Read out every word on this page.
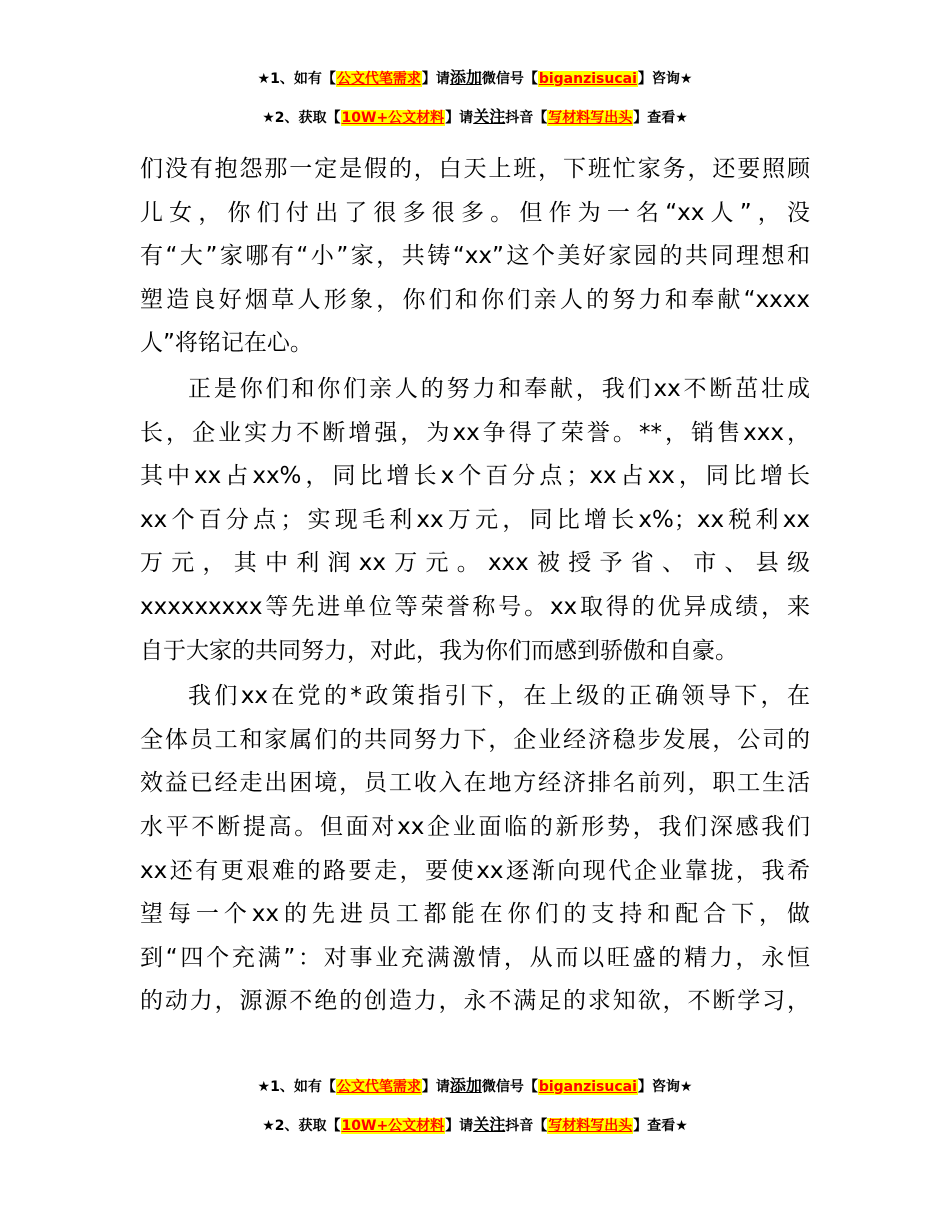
★1、如有【公文代笔需求】请添加微信号【biganzisucai】咨询★
★2、获取【10W+公文材料】请关注抖音【写材料写出头】查看★
们没有抱怨那一定是假的，白天上班，下班忙家务，还要照顾
儿女，你们付出了很多很多。但作为一名“xx人”，没
有“大”家哪有“小”家，共铸“xx”这个美好家园的共同理想和
塑造良好烟草人形象，你们和你们亲人的努力和奉献“xxxx
人”将铭记在心。
正是你们和你们亲人的努力和奉献，我们xx不断茁壮成
长，企业实力不断增强，为xx争得了荣誉。**，销售xxx，
其中xx占xx%，同比增长x个百分点；xx占xx，同比增长
xx个百分点；实现毛利xx万元，同比增长x%；xx税利xx
万元，其中利润xx万元。xxx被授予省、市、县级
xxxxxxxxx等先进单位等荣誉称号。xx取得的优异成绩，来
自于大家的共同努力，对此，我为你们而感到骄傲和自豪。
我们xx在党的*政策指引下，在上级的正确领导下，在
全体员工和家属们的共同努力下，企业经济稳步发展，公司的
效益已经走出困境，员工收入在地方经济排名前列，职工生活
水平不断提高。但面对xx企业面临的新形势，我们深感我们
xx还有更艰难的路要走，要使xx逐渐向现代企业靠拢，我希
望每一个xx的先进员工都能在你们的支持和配合下，做
到“四个充满”：对事业充满激情，从而以旺盛的精力，永恒
的动力，源源不绝的创造力，永不满足的求知欲，不断学习，
★1、如有【公文代笔需求】请添加微信号【biganzisucai】咨询★
★2、获取【10W+公文材料】请关注抖音【写材料写出头】查看★
